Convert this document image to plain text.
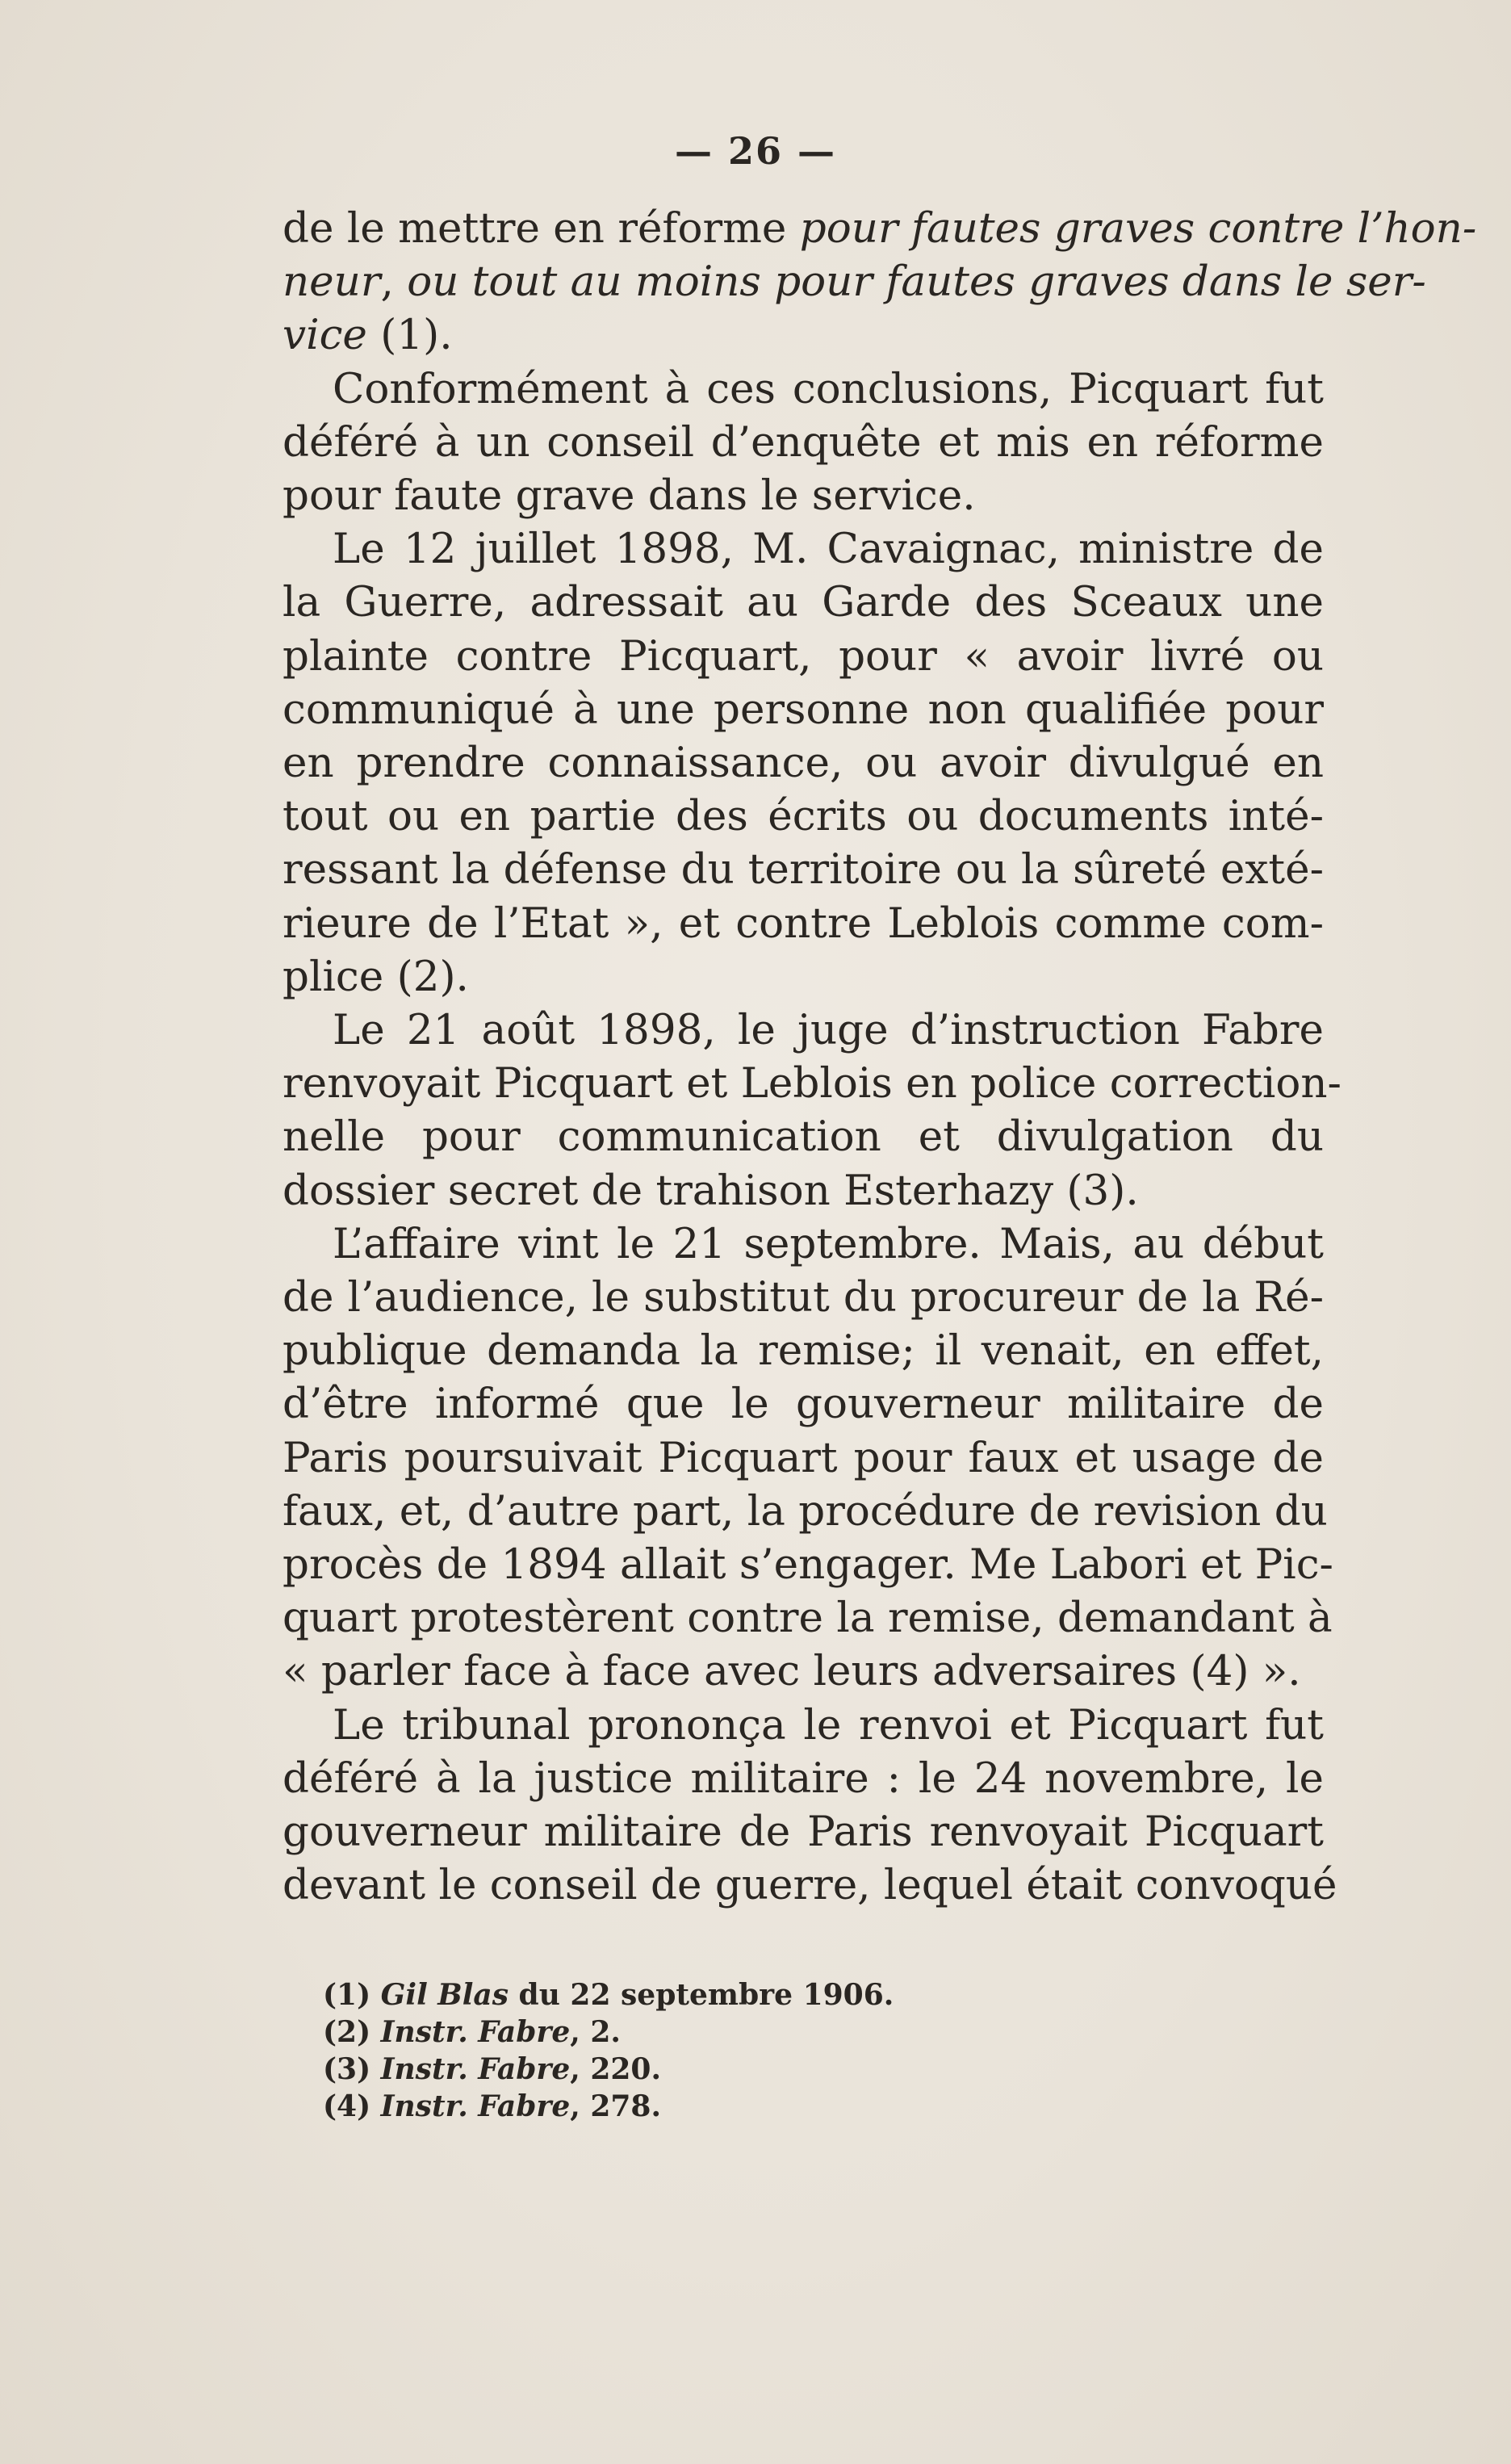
— 26 —
de le mettre en réforme pour fautes graves contre l’hon-
neur, ou tout au moins pour fautes graves dans le ser-
vice (1).
Conformément à ces conclusions, Picquart fut
déféré à un conseil d’enquête et mis en réforme
pour faute grave dans le service.
Le 12 juillet 1898, M. Cavaignac, ministre de
la Guerre, adressait au Garde des Sceaux une
plainte contre Picquart, pour « avoir livré ou
communiqué à une personne non qualifiée pour
en prendre connaissance, ou avoir divulgué en
tout ou en partie des écrits ou documents inté-
ressant la défense du territoire ou la sûreté exté-
rieure de l’Etat », et contre Leblois comme com-
plice (2).
Le 21 août 1898, le juge d’instruction Fabre
renvoyait Picquart et Leblois en police correction-
nelle pour communication et divulgation du
dossier secret de trahison Esterhazy (3).
L’affaire vint le 21 septembre. Mais, au début
de l’audience, le substitut du procureur de la Ré-
publique demanda la remise; il venait, en effet,
d’être informé que le gouverneur militaire de
Paris poursuivait Picquart pour faux et usage de
faux, et, d’autre part, la procédure de revision du
procès de 1894 allait s’engager. Me Labori et Pic-
quart protestèrent contre la remise, demandant à
« parler face à face avec leurs adversaires (4) ».
Le tribunal prononça le renvoi et Picquart fut
déféré à la justice militaire : le 24 novembre, le
gouverneur militaire de Paris renvoyait Picquart
devant le conseil de guerre, lequel était convoqué
(1) Gil Blas du 22 septembre 1906.
(2) Instr. Fabre, 2.
(3) Instr. Fabre, 220.
(4) Instr. Fabre, 278.
